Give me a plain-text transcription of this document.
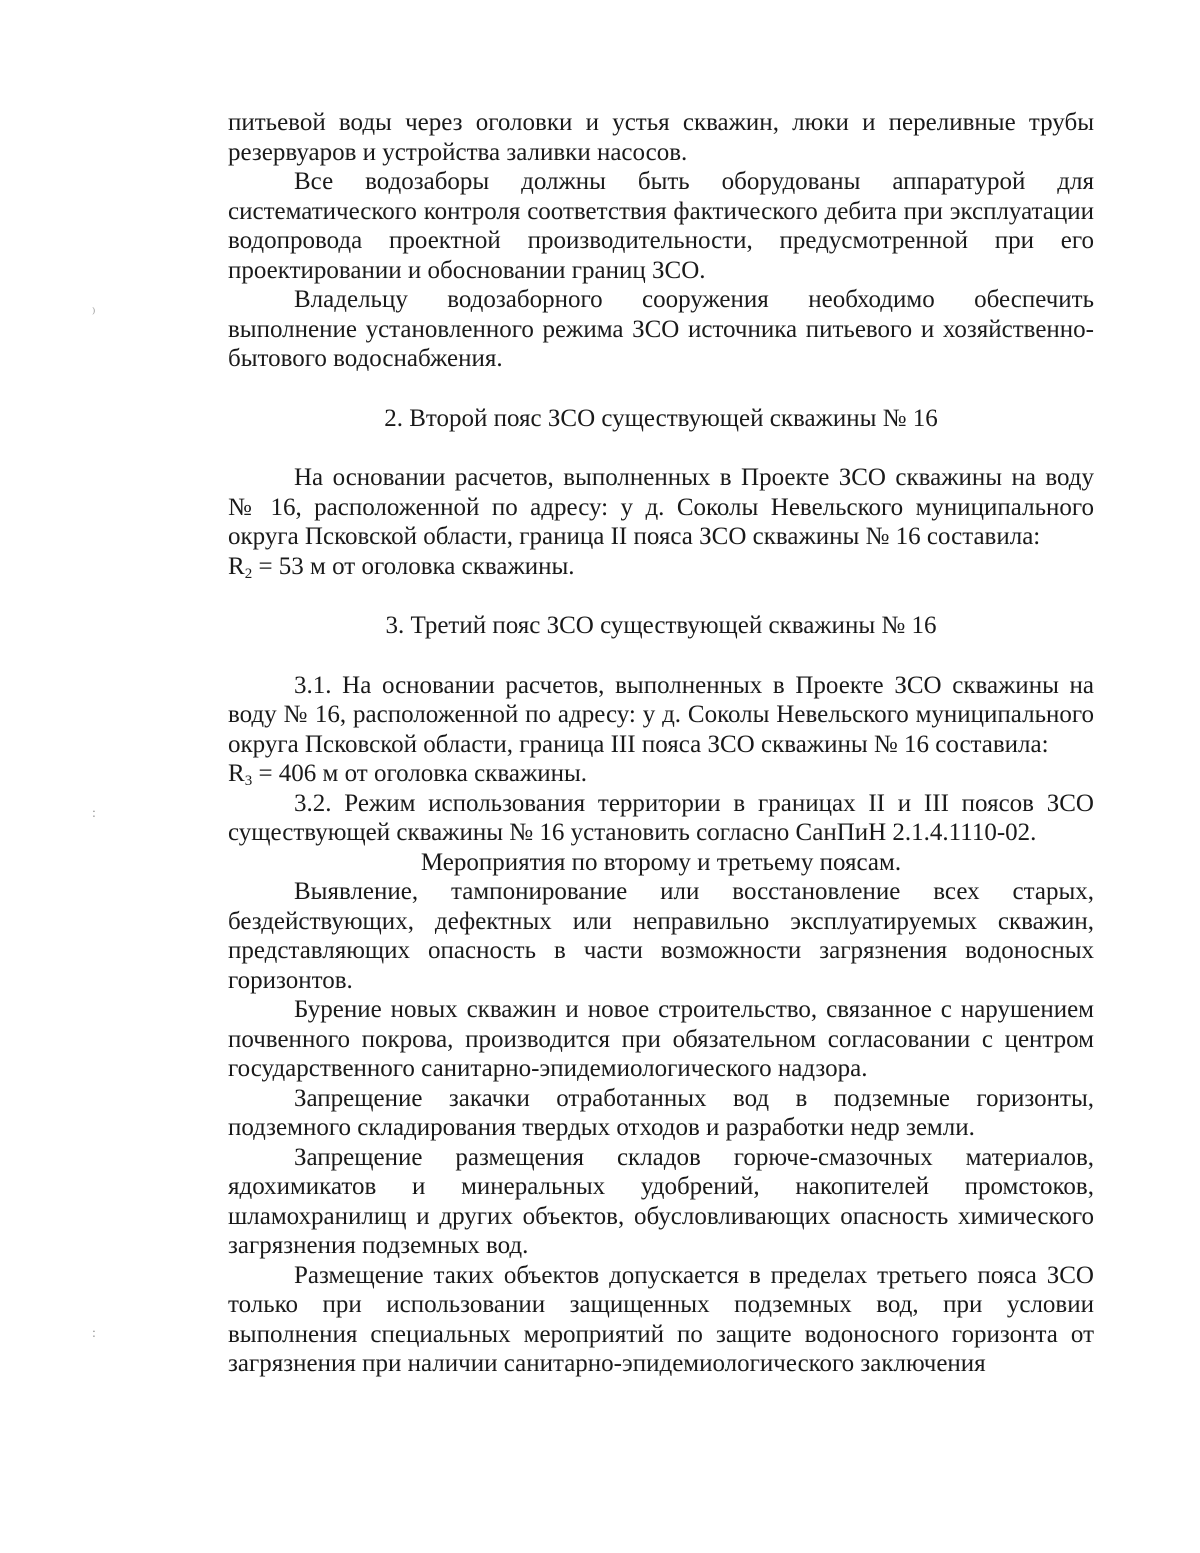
⁾
:
:

питьевой воды через оголовки и устья скважин, люки и переливные трубы резервуаров и устройства заливки насосов.

Все водозаборы должны быть оборудованы аппаратурой для систематического контроля соответствия фактического дебита при эксплуатации водопровода проектной производительности, предусмотренной при его проектировании и обосновании границ ЗСО.

Владельцу водозаборного сооружения необходимо обеспечить выполнение установленного режима ЗСО источника питьевого и хозяйственно-бытового водоснабжения.

2. Второй пояс ЗСО существующей скважины № 16

На основании расчетов, выполненных в Проекте ЗСО скважины на воду № 16, расположенной по адресу: у д. Соколы Невельского муниципального округа Псковской области, граница II пояса ЗСО скважины № 16 составила:

$R_2 = 53$ м от оголовка скважины.

3. Третий пояс ЗСО существующей скважины № 16

3.1. На основании расчетов, выполненных в Проекте ЗСО скважины на воду № 16, расположенной по адресу: у д. Соколы Невельского муниципального округа Псковской области, граница III пояса ЗСО скважины № 16 составила:

$R_3 = 406$ м от оголовка скважины.

3.2. Режим использования территории в границах II и III поясов ЗСО существующей скважины № 16 установить согласно СанПиН 2.1.4.1110-02.

Мероприятия по второму и третьему поясам.

Выявление, тампонирование или восстановление всех старых, бездействующих, дефектных или неправильно эксплуатируемых скважин, представляющих опасность в части возможности загрязнения водоносных горизонтов.

Бурение новых скважин и новое строительство, связанное с нарушением почвенного покрова, производится при обязательном согласовании с центром государственного санитарно-эпидемиологического надзора.

Запрещение закачки отработанных вод в подземные горизонты, подземного складирования твердых отходов и разработки недр земли.

Запрещение размещения складов горюче-смазочных материалов, ядохимикатов и минеральных удобрений, накопителей промстоков, шламохранилищ и других объектов, обусловливающих опасность химического загрязнения подземных вод.

Размещение таких объектов допускается в пределах третьего пояса ЗСО только при использовании защищенных подземных вод, при условии выполнения специальных мероприятий по защите водоносного горизонта от загрязнения при наличии санитарно-эпидемиологического заключения
